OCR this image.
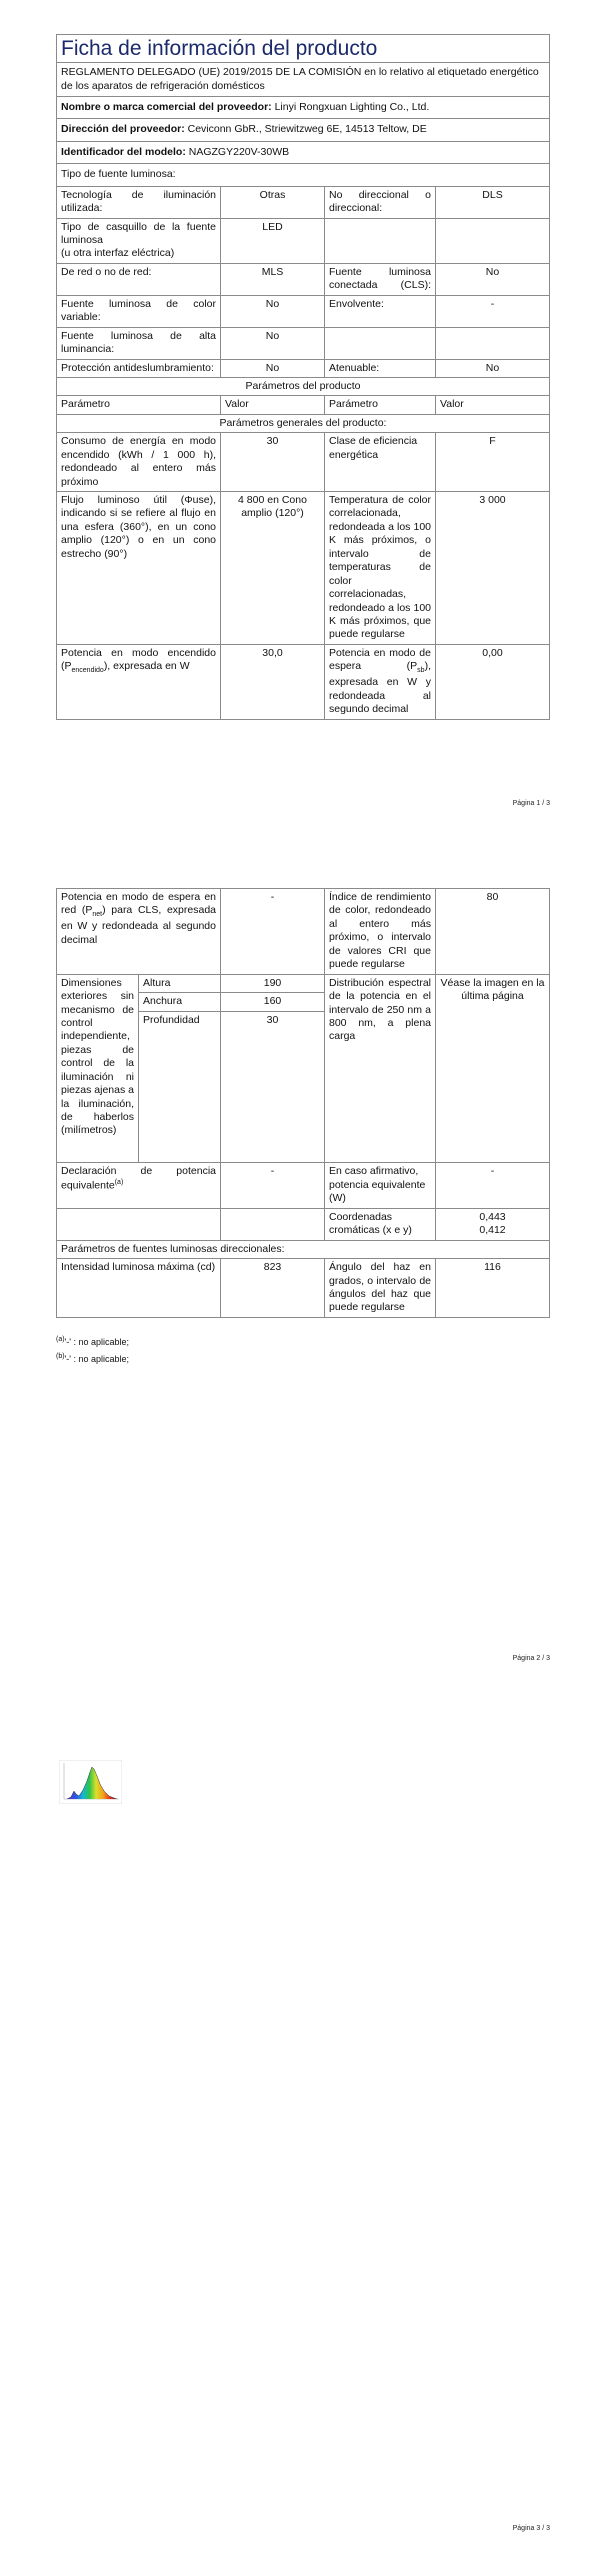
Ficha de información del producto			
REGLAMENTO DELEGADO (UE) 2019/2015 DE LA COMISIÓN en lo relativo al etiquetado energético de los aparatos de refrigeración domésticos			
Nombre o marca comercial del proveedor: Linyi Rongxuan Lighting Co., Ltd.			
Dirección del proveedor: Ceviconn GbR., Striewitzweg 6E, 14513 Teltow, DE			
Identificador del modelo: NAGZGY220V-30WB			
Tipo de fuente luminosa:			
Tecnología de iluminación utilizada:	Otras	No direccional o direccional:	DLS

Tipo de casquillo de la fuente luminosa
(u otra interfaz eléctrica)	LED		
De red o no de red:	MLS	Fuente luminosa conectada (CLS):	No
Fuente luminosa de color variable:	No	Envolvente:	-
Fuente luminosa de alta luminancia:	No		
Protección antideslumbramiento:	No	Atenuable:	No
Parámetros del producto			
Parámetro	Valor	Parámetro	Valor
Parámetros generales del producto:			
Consumo de energía en modo encendido (kWh / 1 000 h), redondeado al entero más próximo	30	Clase de eficiencia energética	F
Flujo luminoso útil (Φuse), indicando si se refiere al flujo en una esfera (360°), en un cono amplio (120°) o en un cono estrecho (90°)	4 800 en Cono amplio (120°)	Temperatura de color correlacionada, redondeada a los 100 K más próximos, o intervalo de temperaturas de color correlacionadas, redondeado a los 100 K más próximos, que puede regularse	3 000
Potencia en modo encendido $(P_{encendido})$, expresada en W	30,0	Potencia en modo de espera $(P_{sb})$, expresada en W y redondeada al segundo decimal	0,00
Página 1 / 3
Potencia en modo de espera en red $(P_{net})$ para CLS, expresada en W y redondeada al segundo decimal		-	Índice de rendimiento de color, redondeado al entero más próximo, o intervalo de valores CRI que puede regularse	80
Dimensiones exteriores sin mecanismo de control independiente, piezas de control de la iluminación ni piezas ajenas a la iluminación, de haberlos (milímetros)	Altura	190	Distribución espectral de la potencia en el intervalo de 250 nm a 800 nm, a plena carga	Véase la imagen en la última página
	Anchura	160		
	Profundidad	30		

Declaración de potencia equivalente$^{(a)}$		-	En caso afirmativo, potencia equivalente (W)	-
			Coordenadas cromáticas (x e y)	0,443
0,412

Parámetros de fuentes luminosas direccionales:				
Intensidad luminosa máxima (cd)		823	Ángulo del haz en grados, o intervalo de ángulos del haz que puede regularse	116
$^{(a)}$'-' : no aplicable;
$^{(b)}$'-' : no aplicable;
Página 2 / 3
Página 3 / 3
